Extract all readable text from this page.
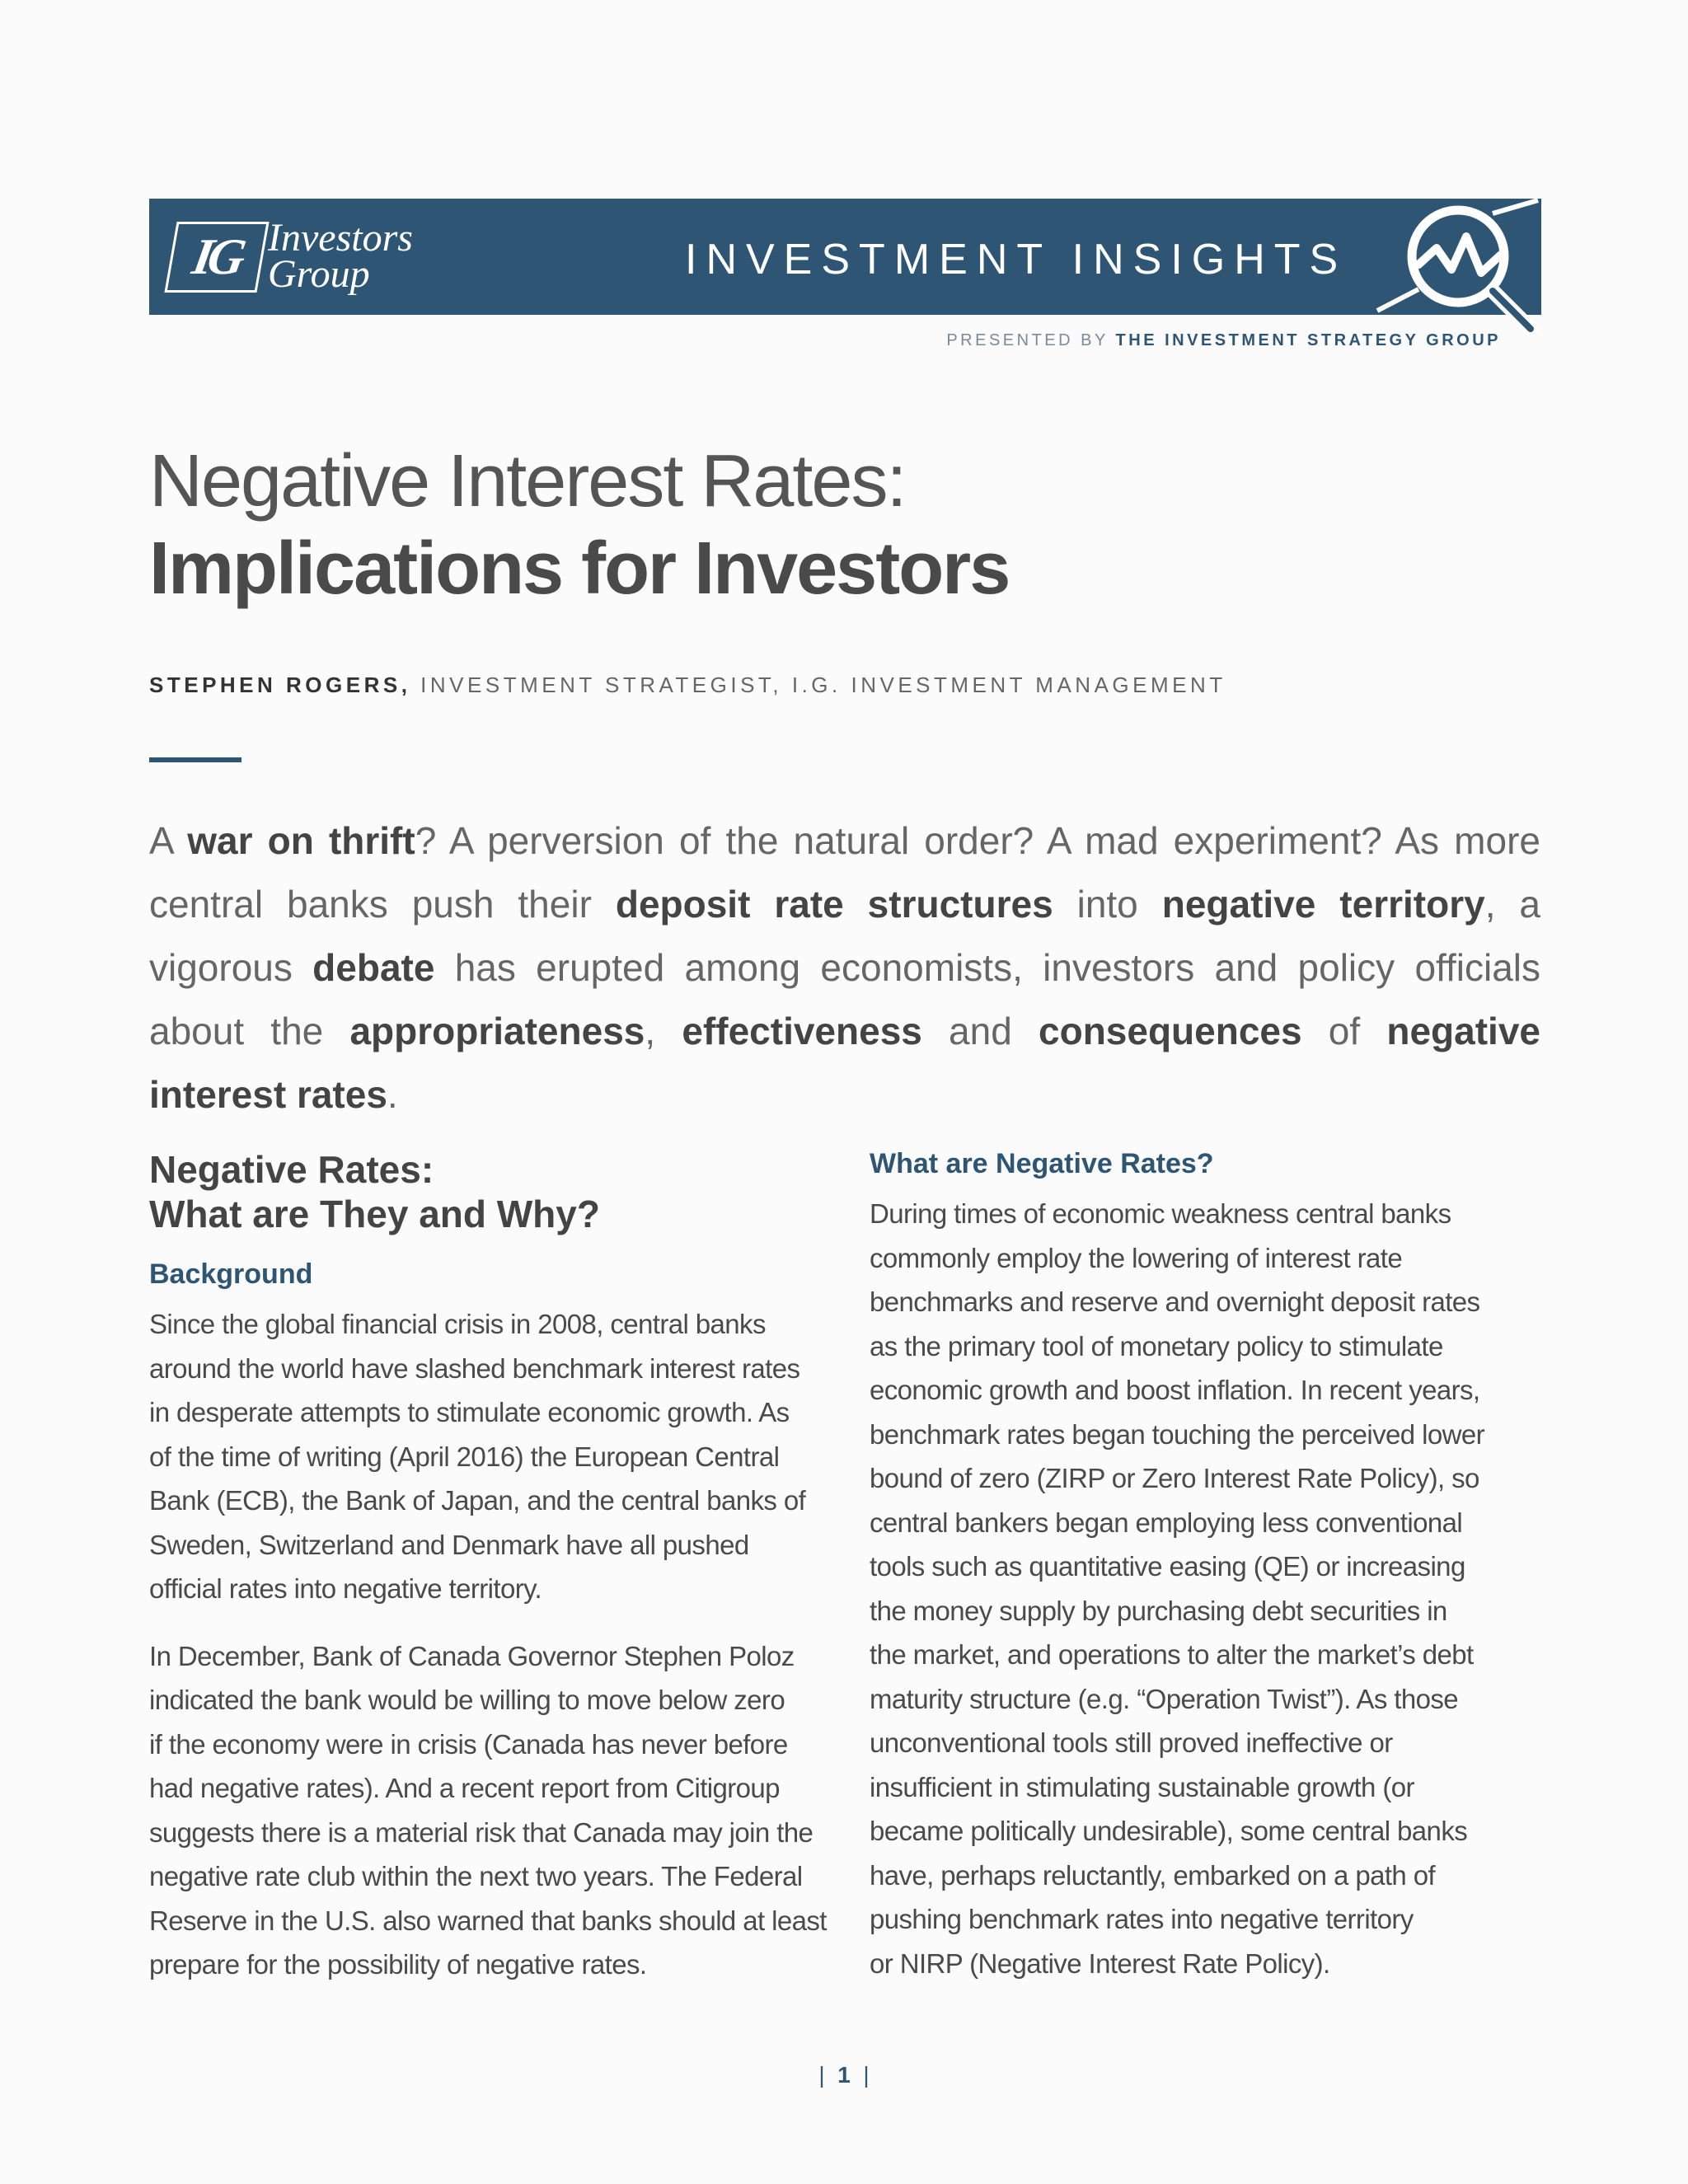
IG Investors
Group	INVESTMENT INSIGHTS
PRESENTED BY THE INVESTMENT STRATEGY GROUP
Negative Interest Rates:
Implications for Investors
STEPHEN ROGERS, INVESTMENT STRATEGIST, I.G. INVESTMENT MANAGEMENT
A war on thrift? A perversion of the natural order? A mad experiment? As more central banks push their deposit rate structures into negative territory, a vigorous debate has erupted among economists, investors and policy officials about the appropriateness, effectiveness and consequences of negative interest rates.
Negative Rates:
What are They and Why?
Background
Since the global financial crisis in 2008, central banks
around the world have slashed benchmark interest rates
in desperate attempts to stimulate economic growth. As
of the time of writing (April 2016) the European Central
Bank (ECB), the Bank of Japan, and the central banks of
Sweden, Switzerland and Denmark have all pushed
official rates into negative territory.
In December, Bank of Canada Governor Stephen Poloz
indicated the bank would be willing to move below zero
if the economy were in crisis (Canada has never before
had negative rates). And a recent report from Citigroup
suggests there is a material risk that Canada may join the
negative rate club within the next two years. The Federal
Reserve in the U.S. also warned that banks should at least
prepare for the possibility of negative rates.
What are Negative Rates?
During times of economic weakness central banks
commonly employ the lowering of interest rate
benchmarks and reserve and overnight deposit rates
as the primary tool of monetary policy to stimulate
economic growth and boost inflation. In recent years,
benchmark rates began touching the perceived lower
bound of zero (ZIRP or Zero Interest Rate Policy), so
central bankers began employing less conventional
tools such as quantitative easing (QE) or increasing
the money supply by purchasing debt securities in
the market, and operations to alter the market’s debt
maturity structure (e.g. “Operation Twist”). As those
unconventional tools still proved ineffective or
insufficient in stimulating sustainable growth (or
became politically undesirable), some central banks
have, perhaps reluctantly, embarked on a path of
pushing benchmark rates into negative territory
or NIRP (Negative Interest Rate Policy).
|  1  |
